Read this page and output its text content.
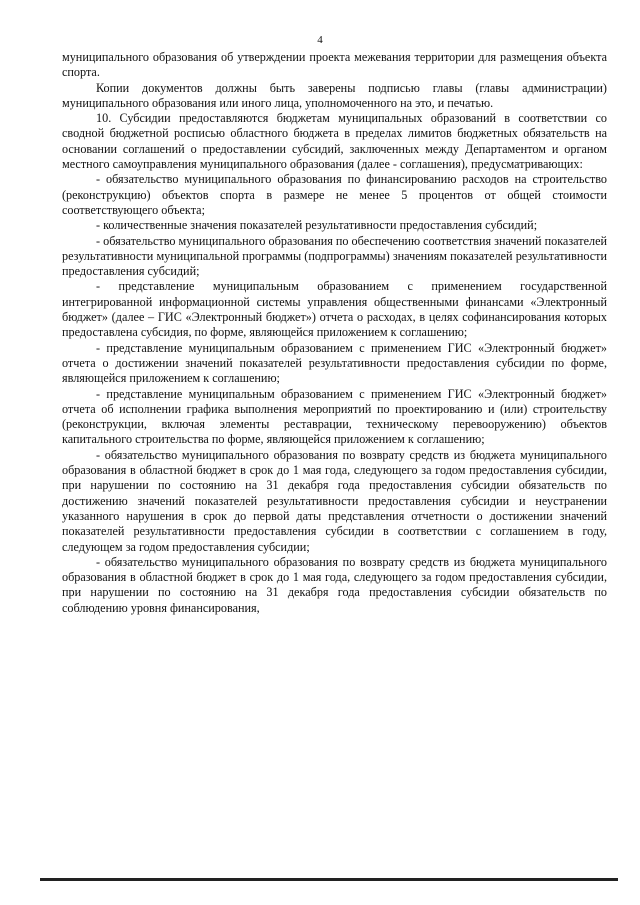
4

муниципального образования об утверждении проекта межевания территории для размещения объекта спорта.

Копии документов должны быть заверены подписью главы (главы администрации) муниципального образования или иного лица, уполномоченного на это, и печатью.

10. Субсидии предоставляются бюджетам муниципальных образований в соответствии со сводной бюджетной росписью областного бюджета в пределах лимитов бюджетных обязательств на основании соглашений о предоставлении субсидий, заключенных между Департаментом и органом местного самоуправления муниципального образования (далее - соглашения), предусматривающих:

- обязательство муниципального образования по финансированию расходов на строительство (реконструкцию) объектов спорта в размере не менее 5 процентов от общей стоимости соответствующего объекта;

- количественные значения показателей результативности предоставления субсидий;

- обязательство муниципального образования по обеспечению соответствия значений показателей результативности муниципальной программы (подпрограммы) значениям показателей результативности предоставления субсидий;

- представление муниципальным образованием с применением государственной интегрированной информационной системы управления общественными финансами «Электронный бюджет» (далее – ГИС «Электронный бюджет») отчета о расходах, в целях софинансирования которых предоставлена субсидия, по форме, являющейся приложением к соглашению;

- представление муниципальным образованием с применением ГИС «Электронный бюджет» отчета о достижении значений показателей результативности предоставления субсидии по форме, являющейся приложением к соглашению;

- представление муниципальным образованием с применением ГИС «Электронный бюджет» отчета об исполнении графика выполнения мероприятий по проектированию и (или) строительству (реконструкции, включая элементы реставрации, техническому перевооружению) объектов капитального строительства по форме, являющейся приложением к соглашению;

- обязательство муниципального образования по возврату средств из бюджета муниципального образования в областной бюджет в срок до 1 мая года, следующего за годом предоставления субсидии, при нарушении по состоянию на 31 декабря года предоставления субсидии обязательств по достижению значений показателей результативности предоставления субсидии и неустранении указанного нарушения в срок до первой даты представления отчетности о достижении значений показателей результативности предоставления субсидии в соответствии с соглашением в году, следующем за годом предоставления субсидии;

- обязательство муниципального образования по возврату средств из бюджета муниципального образования в областной бюджет в срок до 1 мая года, следующего за годом предоставления субсидии, при нарушении по состоянию на 31 декабря года предоставления субсидии обязательств по соблюдению уровня финансирования,
